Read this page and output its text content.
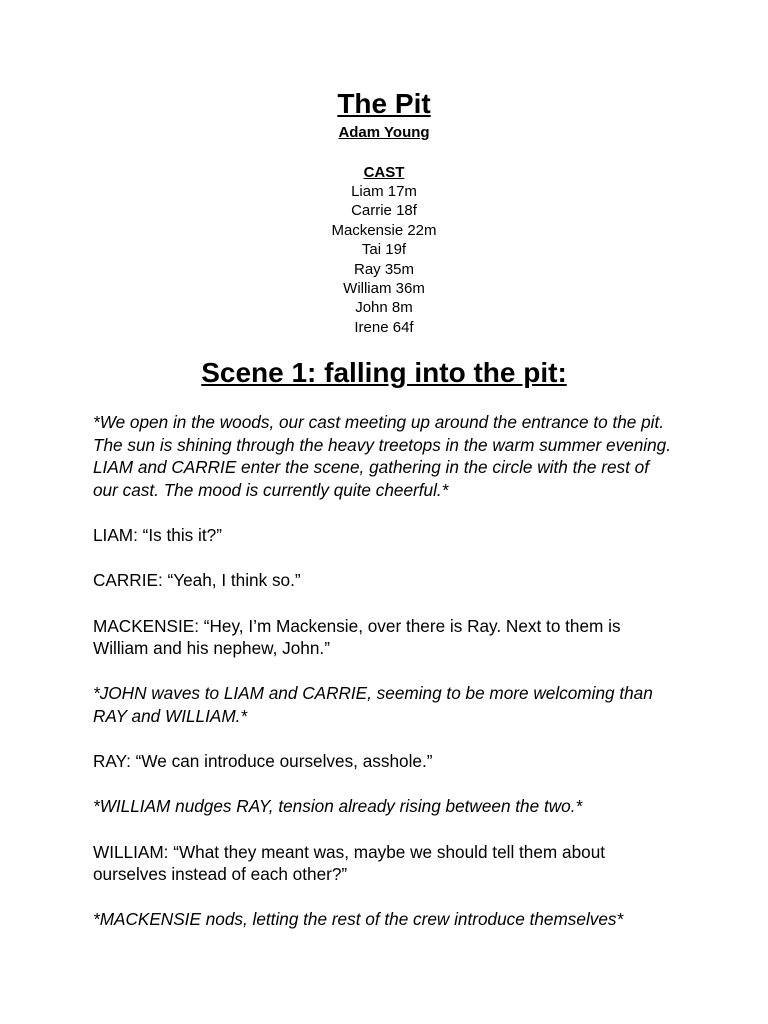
The Pit
Adam Young
CAST
Liam 17m
Carrie 18f
Mackensie 22m
Tai 19f
Ray 35m
William 36m
John 8m
Irene 64f
Scene 1: falling into the pit:

*We open in the woods, our cast meeting up around the entrance to the pit. The sun is shining through the heavy treetops in the warm summer evening. LIAM and CARRIE enter the scene, gathering in the circle with the rest of our cast. The mood is currently quite cheerful.*

LIAM: “Is this it?”

CARRIE: “Yeah, I think so.”

MACKENSIE: “Hey, I’m Mackensie, over there is Ray. Next to them is William and his nephew, John.”

*JOHN waves to LIAM and CARRIE, seeming to be more welcoming than RAY and WILLIAM.*

RAY: “We can introduce ourselves, asshole.”

*WILLIAM nudges RAY, tension already rising between the two.*

WILLIAM: “What they meant was, maybe we should tell them about ourselves instead of each other?”

*MACKENSIE nods, letting the rest of the crew introduce themselves*
